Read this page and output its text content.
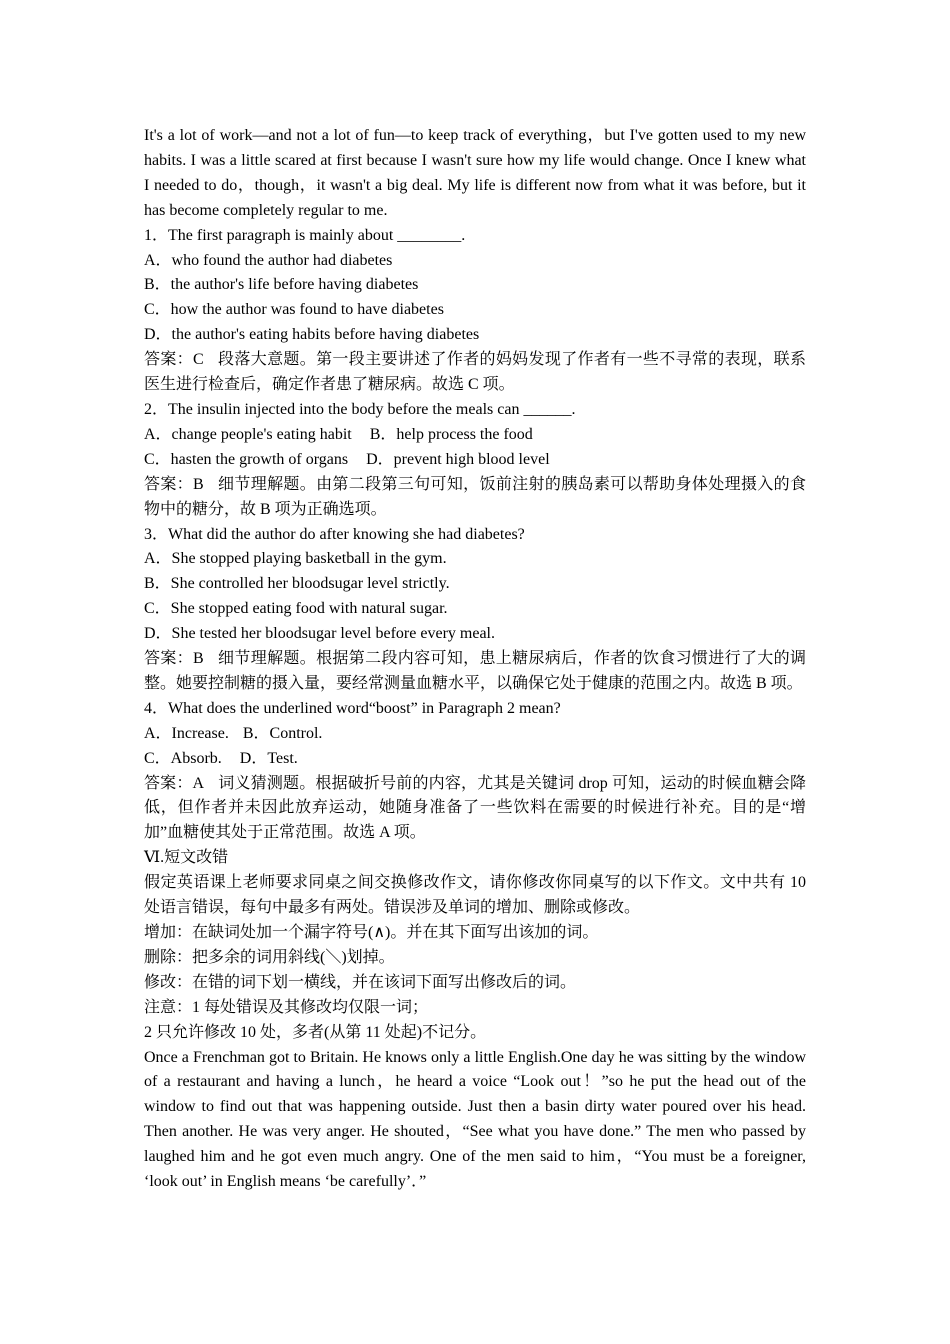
It's a lot of work—and not a lot of fun—to keep track of everything，but I've gotten used to my new habits. I was a little scared at first because I wasn't sure how my life would change. Once I knew what I needed to do，though，it wasn't a big deal. My life is different now from what it was before, but it has become completely regular to me.

1．The first paragraph is mainly about ________.

A．who found the author had diabetes

B．the author's life before having diabetes

C．how the author was found to have diabetes

D．the author's eating habits before having diabetes

答案：C 段落大意题。第一段主要讲述了作者的妈妈发现了作者有一些不寻常的表现，联系医生进行检查后，确定作者患了糖尿病。故选 C 项。

2．The insulin injected into the body before the meals can ______.

A．change people's eating habit B．help process the food

C．hasten the growth of organs D．prevent high blood level

答案：B 细节理解题。由第二段第三句可知，饭前注射的胰岛素可以帮助身体处理摄入的食物中的糖分，故 B 项为正确选项。

3．What did the author do after knowing she had diabetes?

A．She stopped playing basketball in the gym.

B．She controlled her bloodsugar level strictly.

C．She stopped eating food with natural sugar.

D．She tested her bloodsugar level before every meal.

答案：B 细节理解题。根据第二段内容可知，患上糖尿病后，作者的饮食习惯进行了大的调整。她要控制糖的摄入量，要经常测量血糖水平，以确保它处于健康的范围之内。故选 B 项。

4．What does the underlined word“boost” in Paragraph 2 mean?

A．Increase. B．Control.

C．Absorb. D．Test.

答案：A 词义猜测题。根据破折号前的内容，尤其是关键词 drop 可知，运动的时候血糖会降低，但作者并未因此放弃运动，她随身准备了一些饮料在需要的时候进行补充。目的是“增加”血糖使其处于正常范围。故选 A 项。

Ⅵ.短文改错

假定英语课上老师要求同桌之间交换修改作文，请你修改你同桌写的以下作文。文中共有 10 处语言错误，每句中最多有两处。错误涉及单词的增加、删除或修改。

增加：在缺词处加一个漏字符号(∧)。并在其下面写出该加的词。

删除：把多余的词用斜线(＼)划掉。

修改：在错的词下划一横线，并在该词下面写出修改后的词。

注意：1 每处错误及其修改均仅限一词；

2 只允许修改 10 处，多者(从第 11 处起)不记分。

Once a Frenchman got to Britain. He knows only a little English.One day he was sitting by the window of a restaurant and having a lunch，he heard a voice “Look out！”so he put the head out of the window to find out that was happening outside. Just then a basin dirty water poured over his head. Then another. He was very anger. He shouted，“See what you have done.” The men who passed by laughed him and he got even much angry. One of the men said to him，“You must be a foreigner, ‘look out’ in English means ‘be carefully’．”
